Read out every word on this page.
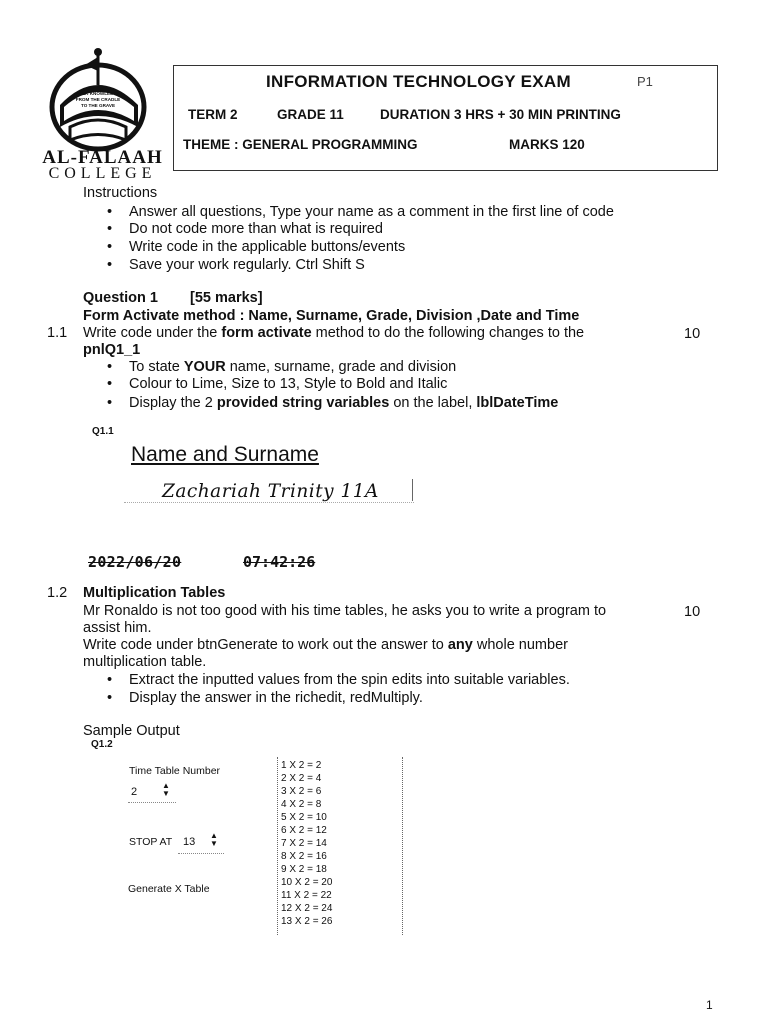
SEEK KNOWLEDGE
FROM THE CRADLE
TO THE GRAVE
AL-FALAAH
COLLEGE
INFORMATION TECHNOLOGY EXAM	P1
TERM 2	GRADE 11	DURATION 3 HRS + 30 MIN PRINTING
THEME : GENERAL PROGRAMMING	MARKS 120
Instructions
• Answer all questions, Type your name as a comment in the first line of code
• Do not code more than what is required
• Write code in the applicable buttons/events
• Save your work regularly. Ctrl Shift S
Question 1 [55 marks]
Form Activate method : Name, Surname, Grade, Division ,Date and Time
1.1 Write code under the form activate method to do the following changes to the	10
pnlQ1_1
• To state YOUR name, surname, grade and division
• Colour to Lime, Size to 13, Style to Bold and Italic
• Display the 2 provided string variables on the label, lblDateTime
Q1.1
Name and Surname
Zachariah Trinity 11A
2022/06/20	07:42:26
1.2 Multiplication Tables
Mr Ronaldo is not too good with his time tables, he asks you to write a program to	10
assist him.
Write code under btnGenerate to work out the answer to any whole number
multiplication table.
• Extract the inputted values from the spin edits into suitable variables.
• Display the answer in the richedit, redMultiply.
Sample Output
Q1.2
Time Table Number
2
▲
▼
STOP AT 13
▲
▼
Generate X Table
1 X 2 = 2
2 X 2 = 4
3 X 2 = 6
4 X 2 = 8
5 X 2 = 10
6 X 2 = 12
7 X 2 = 14
8 X 2 = 16
9 X 2 = 18
10 X 2 = 20
11 X 2 = 22
12 X 2 = 24
13 X 2 = 26
1
